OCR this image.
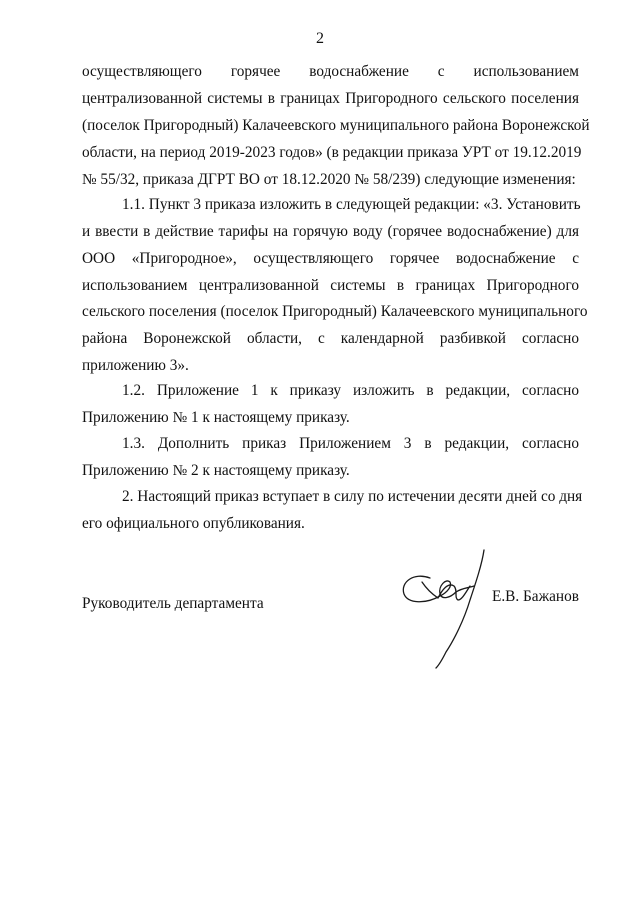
2
осуществляющего горячее водоснабжение с использованием
централизованной системы в границах Пригородного сельского поселения
(поселок Пригородный) Калачеевского муниципального района Воронежской
области, на период 2019-2023 годов» (в редакции приказа УРТ от 19.12.2019
№ 55/32, приказа ДГРТ ВО от 18.12.2020 № 58/239) следующие изменения:
1.1. Пункт 3 приказа изложить в следующей редакции: «3. Установить
и ввести в действие тарифы на горячую воду (горячее водоснабжение) для
ООО «Пригородное», осуществляющего горячее водоснабжение с
использованием централизованной системы в границах Пригородного
сельского поселения (поселок Пригородный) Калачеевского муниципального
района Воронежской области, с календарной разбивкой согласно
приложению 3».
1.2. Приложение 1 к приказу изложить в редакции, согласно
Приложению № 1 к настоящему приказу.
1.3. Дополнить приказ Приложением 3 в редакции, согласно
Приложению № 2 к настоящему приказу.
2. Настоящий приказ вступает в силу по истечении десяти дней со дня
его официального опубликования.
Руководитель департамента	Е.В. Бажанов
